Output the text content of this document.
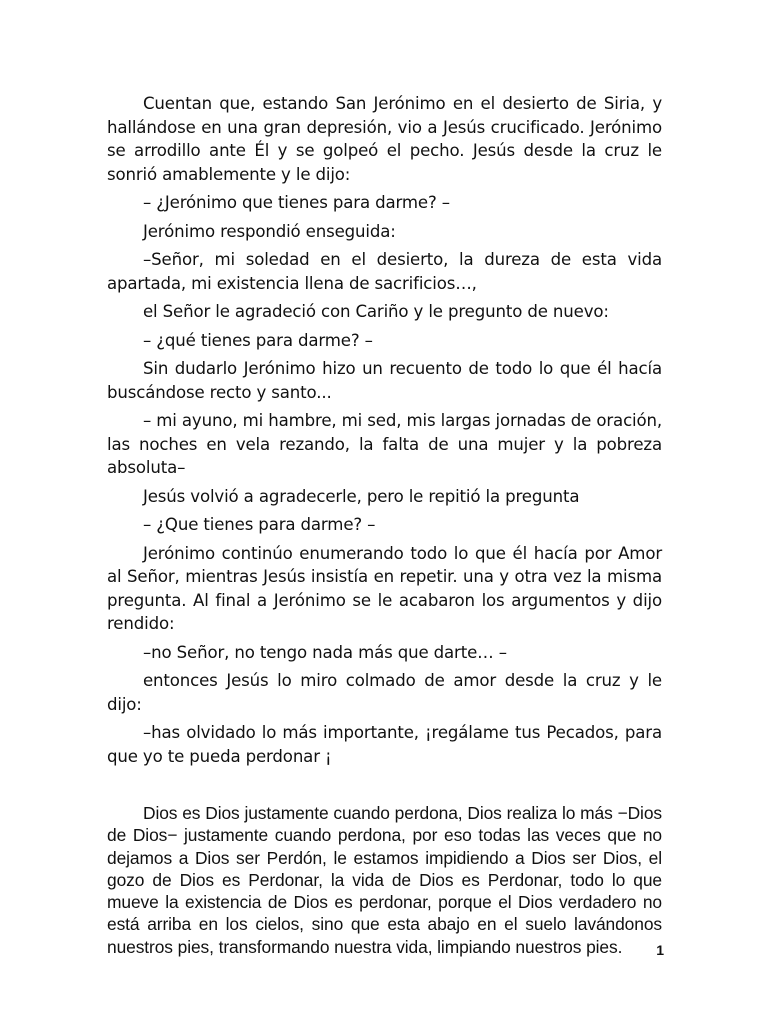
Cuentan que, estando San Jerónimo en el desierto de Siria, y hallándose en una gran depresión, vio a Jesús crucificado. Jerónimo se arrodillo ante Él y se golpeó el pecho. Jesús desde la cruz le sonrió amablemente y le dijo:

– ¿Jerónimo que tienes para darme? –

Jerónimo respondió enseguida:

–Señor, mi soledad en el desierto, la dureza de esta vida apartada, mi existencia llena de sacrificios…,

el Señor le agradeció con Cariño y le pregunto de nuevo:

– ¿qué tienes para darme? –

Sin dudarlo Jerónimo hizo un recuento de todo lo que él hacía buscándose recto y santo...

– mi ayuno, mi hambre, mi sed, mis largas jornadas de oración, las noches en vela rezando, la falta de una mujer y la pobreza absoluta–

Jesús volvió a agradecerle, pero le repitió la pregunta

– ¿Que tienes para darme? –

Jerónimo continúo enumerando todo lo que él hacía por Amor al Señor, mientras Jesús insistía en repetir. una y otra vez la misma pregunta. Al final a Jerónimo se le acabaron los argumentos y dijo rendido:

–no Señor, no tengo nada más que darte… –

entonces Jesús lo miro colmado de amor desde la cruz y le dijo:

–has olvidado lo más importante, ¡regálame tus Pecados, para que yo te pueda perdonar ¡

Dios es Dios justamente cuando perdona, Dios realiza lo más −Dios de Dios− justamente cuando perdona, por eso todas las veces que no dejamos a Dios ser Perdón, le estamos impidiendo a Dios ser Dios, el gozo de Dios es Perdonar, la vida de Dios es Perdonar, todo lo que mueve la existencia de Dios es perdonar, porque el Dios verdadero no está arriba en los cielos, sino que esta abajo en el suelo lavándonos nuestros pies, transformando nuestra vida, limpiando nuestros pies.	1
